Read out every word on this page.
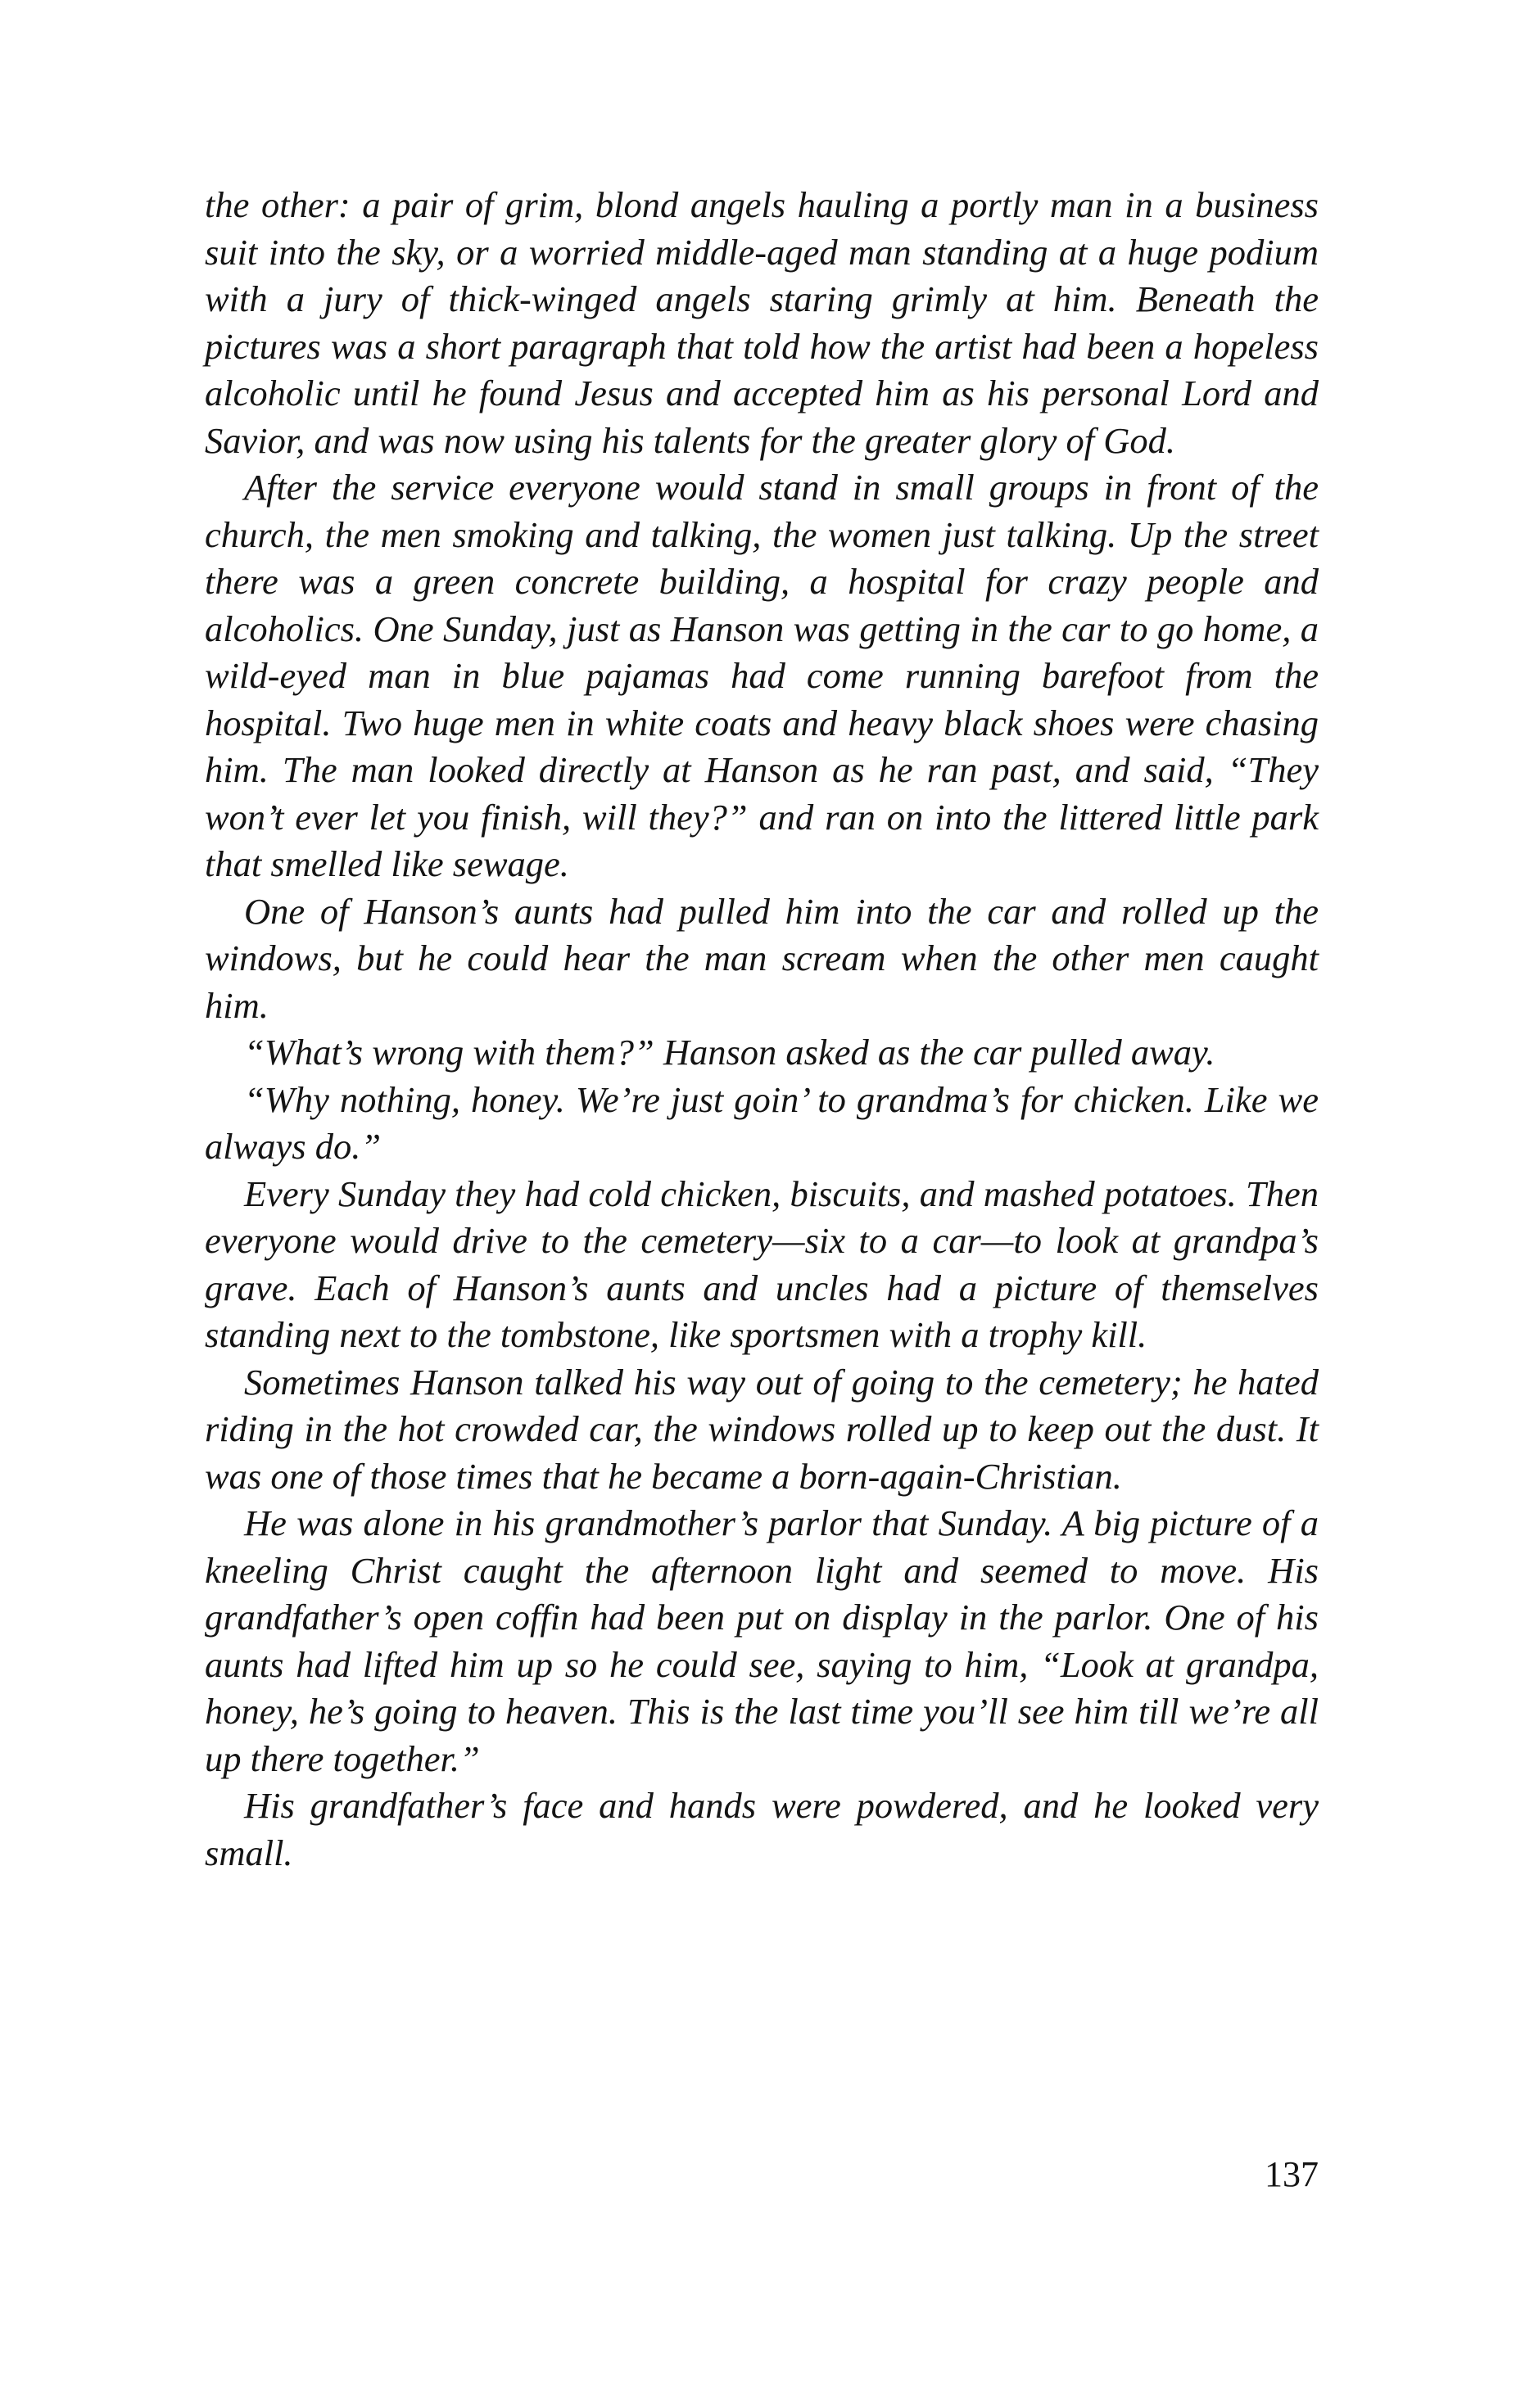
the other: a pair of grim, blond angels hauling a portly man in a business suit into the sky, or a worried middle-aged man standing at a huge podium with a jury of thick-winged angels staring grimly at him. Beneath the pictures was a short paragraph that told how the artist had been a hopeless alcoholic until he found Jesus and accepted him as his personal Lord and Savior, and was now using his talents for the greater glory of God.

After the service everyone would stand in small groups in front of the church, the men smoking and talking, the women just talking. Up the street there was a green concrete building, a hospital for crazy people and alcoholics. One Sunday, just as Hanson was getting in the car to go home, a wild-eyed man in blue pajamas had come running barefoot from the hospital. Two huge men in white coats and heavy black shoes were chasing him. The man looked directly at Hanson as he ran past, and said, “They won’t ever let you finish, will they?” and ran on into the littered little park that smelled like sewage.

One of Hanson’s aunts had pulled him into the car and rolled up the windows, but he could hear the man scream when the other men caught him.

“What’s wrong with them?” Hanson asked as the car pulled away.

“Why nothing, honey. We’re just goin’ to grandma’s for chicken. Like we always do.”

Every Sunday they had cold chicken, biscuits, and mashed potatoes. Then everyone would drive to the cemetery—six to a car—to look at grandpa’s grave. Each of Hanson’s aunts and uncles had a picture of themselves standing next to the tombstone, like sportsmen with a trophy kill.

Sometimes Hanson talked his way out of going to the cemetery; he hated riding in the hot crowded car, the windows rolled up to keep out the dust. It was one of those times that he became a born-again-Christian.

He was alone in his grandmother’s parlor that Sunday. A big picture of a kneeling Christ caught the afternoon light and seemed to move. His grandfather’s open coffin had been put on display in the parlor. One of his aunts had lifted him up so he could see, saying to him, “Look at grandpa, honey, he’s going to heaven. This is the last time you’ll see him till we’re all up there together.”

His grandfather’s face and hands were powdered, and he looked very small.

137
